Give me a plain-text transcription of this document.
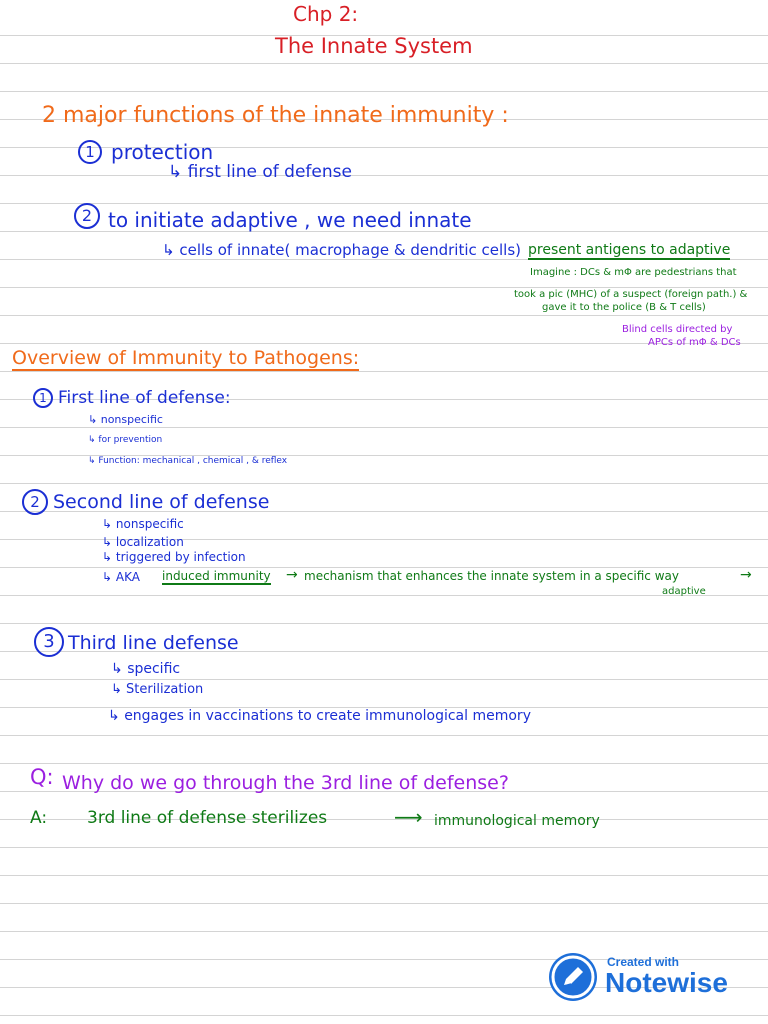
Chp 2:
The Innate System
2 major functions of the innate immunity :
1 protection
↳ first line of defense
2 to initiate adaptive , we need innate
↳ cells of innate( macrophage & dendritic cells) present antigens to adaptive
Imagine : DCs & mΦ are pedestrians that
took a pic (MHC) of a suspect (foreign path.) &
gave it to the police (B & T cells)
Blind cells directed by
APCs of mΦ & DCs
Overview of Immunity to Pathogens:
1 First line of defense:
↳ nonspecific
↳ for prevention
↳ Function: mechanical , chemical , & reflex
2 Second line of defense
↳ nonspecific
↳ localization
↳ triggered by infection
↳ AKA induced immunity → mechanism that enhances the innate system in a specific way	→
adaptive
3 Third line defense
↳ specific
↳ Sterilization
↳ engages in vaccinations to create immunological memory
Q: Why do we go through the 3rd line of defense?
A: 3rd line of defense sterilizes	⟶ immunological memory
Created with
Notewise
